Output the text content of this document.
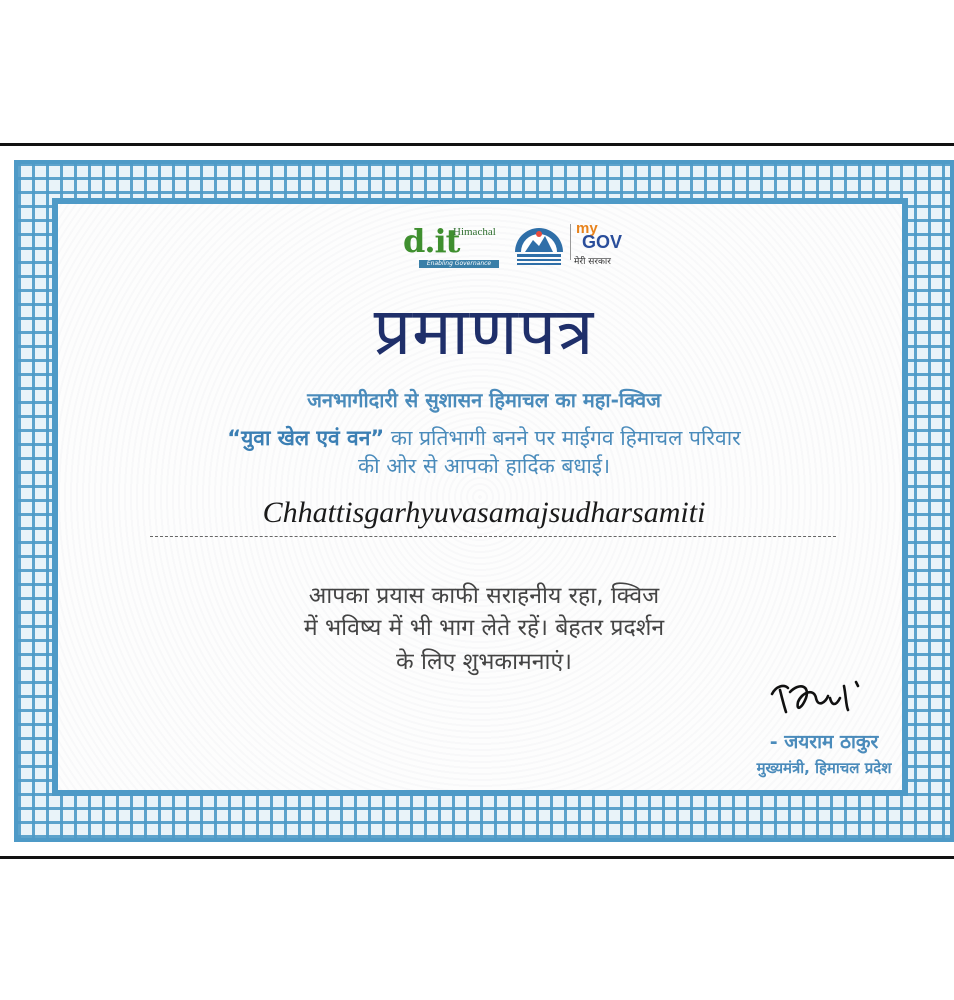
d.it
Himachal
Enabling Governance
my
GOV
मेरी सरकार
प्रमाणपत्र
जनभागीदारी से सुशासन हिमाचल का महा-क्विज
“युवा खेल एवं वन” का प्रतिभागी बनने पर माईगव हिमाचल परिवार
की ओर से आपको हार्दिक बधाई।
Chhattisgarhyuvasamajsudharsamiti
आपका प्रयास काफी सराहनीय रहा, क्विज
में भविष्य में भी भाग लेते रहें। बेहतर प्रदर्शन
के लिए शुभकामनाएं।
- जयराम ठाकुर
मुख्यमंत्री, हिमाचल प्रदेश
